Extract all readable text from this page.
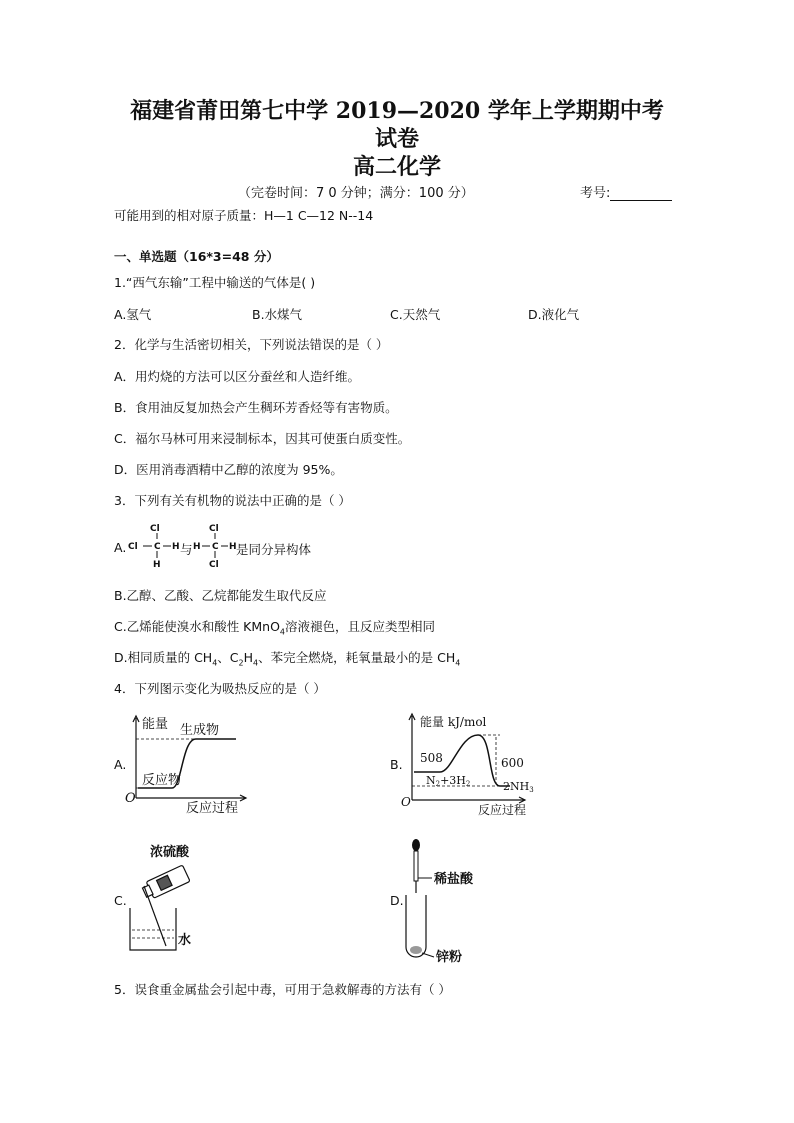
福建省莆田第七中学 2019—2020 学年上学期期中考
试卷
高二化学
（完卷时间：7 0 分钟；满分：100 分）	考号:
可能用到的相对原子质量：H—1 C—12 N--14
一、单选题（16*3=48 分）
1.“西气东输”工程中输送的气体是( )
A.氢气	B.水煤气	C.天然气	D.液化气
2．化学与生活密切相关，下列说法错误的是（ ）
A．用灼烧的方法可以区分蚕丝和人造纤维。
B．食用油反复加热会产生稠环芳香烃等有害物质。
C．福尔马林可用来浸制标本，因其可使蛋白质变性。
D．医用消毒酒精中乙醇的浓度为 95%。
3．下列有关有机物的说法中正确的是（ ）
A.
Cl
Cl C H
H
与
Cl
H C H
Cl
是同分异构体
B.乙醇、乙酸、乙烷都能发生取代反应
C.乙烯能使溴水和酸性 KMnO$_4$溶液褪色，且反应类型相同
D.相同质量的 $CH_4$、$C_2H_4$、苯完全燃烧，耗氧量最小的是 $CH_4$
4．下列图示变化为吸热反应的是（ ）
A.
能量 生成物
反应物
O
反应过程
B.
能量 kJ/mol
508	600
N2+3H2	2NH3
O
反应过程
C.
浓硫酸
水
D.
稀盐酸
锌粉
5．误食重金属盐会引起中毒，可用于急救解毒的方法有（ ）
